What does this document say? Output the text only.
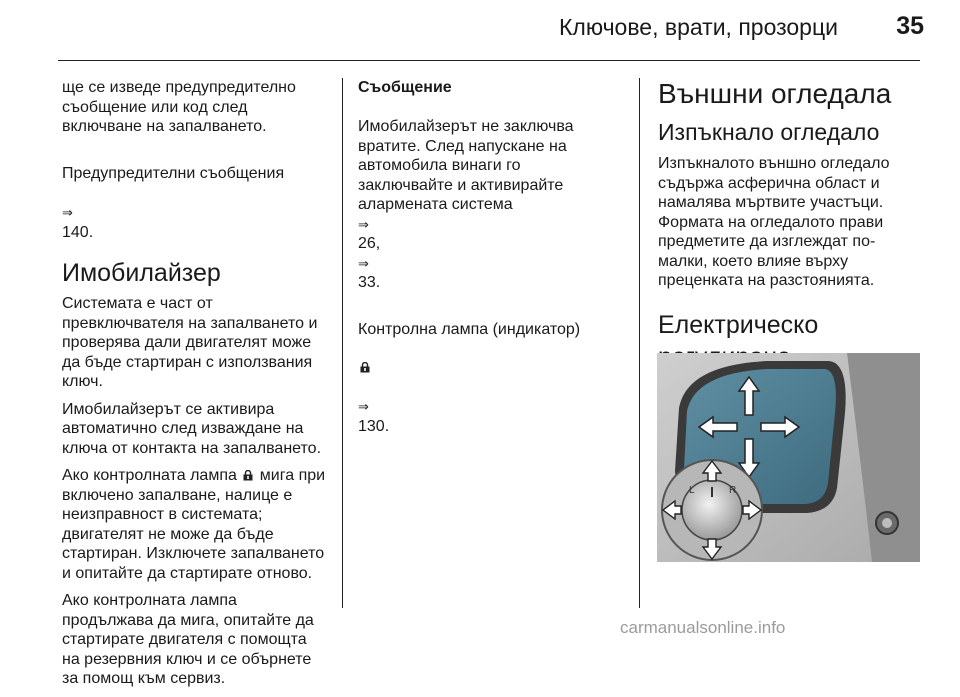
Ключове, врати, прозорци 35

ще се изведе предупредително
съобщение или код след
включване на запалването.

Предупредителни съобщения

⇒
140.

Имобилайзер

Системата е част от
превключвателя на запалването и
проверява дали двигателят може
да бъде стартиран с използвания
ключ.

Имобилайзерът се активира
автоматично след изваждане на
ключа от контакта на запалването.

Ако контролната лампа мига при
включено запалване, налице е
неизправност в системата;
двигателят не може да бъде
стартиран. Изключете запалването
и опитайте да стартирате отново.

Ако контролната лампа
продължава да мига, опитайте да
стартирате двигателя с помощта
на резервния ключ и се обърнете
за помощ към сервиз.

Съобщение

Имобилайзерът не заключва
вратите. След напускане на
автомобила винаги го
заключвайте и активирайте
алармената система
⇒
26,
⇒
33.

Контролна лампа (индикатор)

⇒
130.

Външни огледала
Изпъкнало огледало

Изпъкналото външно огледало
съдържа асферична област и
намалява мъртвите участъци.
Формата на огледалото прави
предметите да изглеждат по-
малки, което влияе върху
преценката на разстоянията.

Електрическо

L	R
carmanualsonline.info
